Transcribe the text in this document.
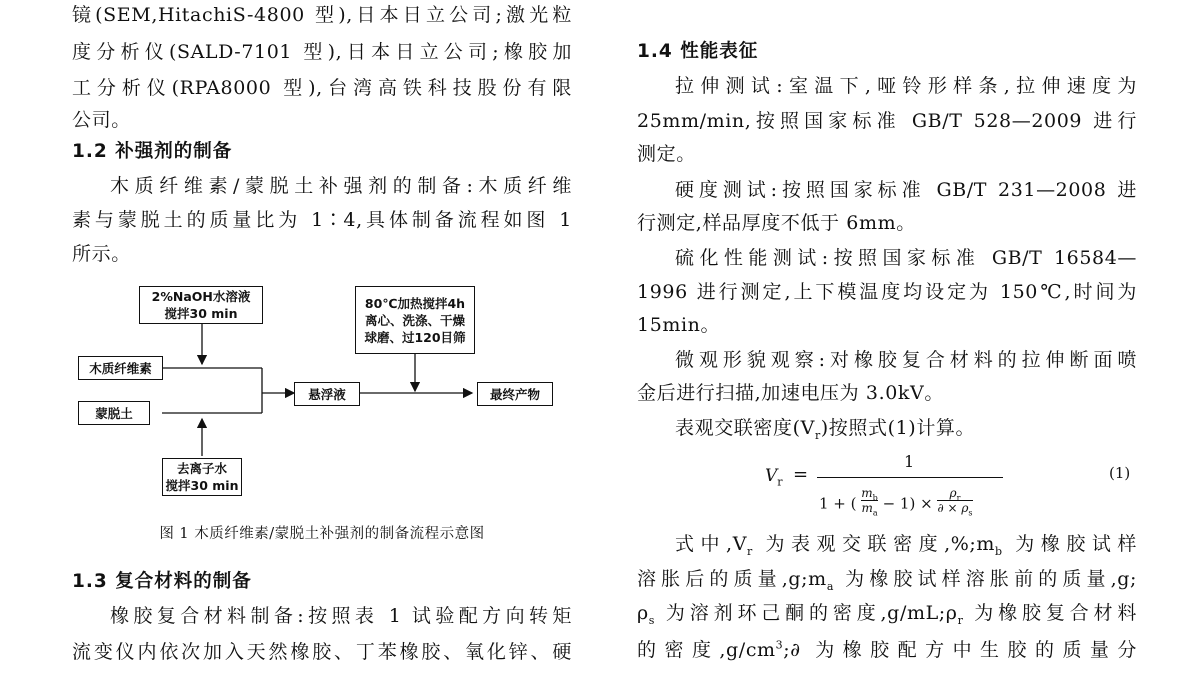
镜(SEM,HitachiS-4800 型),日本日立公司;激光粒
度分析仪(SALD-7101 型),日本日立公司;橡胶加
工分析仪(RPA8000 型),台湾高铁科技股份有限
公司。
1.2 补强剂的制备
木质纤维素/蒙脱土补强剂的制备:木质纤维
素与蒙脱土的质量比为 1∶4,具体制备流程如图 1
所示。
2%NaOH水溶液
搅拌30 min
80℃加热搅拌4h
离心、洗涤、干燥
球磨、过120目筛
木质纤维素
蒙脱土
悬浮液	最终产物
去离子水
搅拌30 min
图 1 木质纤维素/蒙脱土补强剂的制备流程示意图
1.3 复合材料的制备
橡胶复合材料制备:按照表 1 试验配方向转矩
流变仪内依次加入天然橡胶、丁苯橡胶、氧化锌、硬
1.4 性能表征
拉伸测试:室温下,哑铃形样条,拉伸速度为
25mm/min,按照国家标准 GB/T 528—2009 进行
测定。
硬度测试:按照国家标准 GB/T 231—2008 进
行测定,样品厚度不低于 6mm。
硫化性能测试:按照国家标准 GB/T 16584—
1996 进行测定,上下模温度均设定为 150℃,时间为
15min。
微观形貌观察:对橡胶复合材料的拉伸断面喷
金后进行扫描,加速电压为 3.0kV。
表观交联密度$(V_r)$按照式(1)计算。
$V_r$ =
1
1 + ( $\frac{m_b}{m_a} - 1) \times \frac{\rho_r}{\partial \times \rho_s}$
(1)
式中$,V_r$ 为表观交联密度$,\%;m_b$ 为橡胶试样
溶胀后的质量$,g;m_a$ 为橡胶试样溶胀前的质量,g;
$\rho_s$ 为溶剂环己酮的密度$,g/mL;\rho_r$ 为橡胶复合材料
的密度$,g/cm^3;\partial$ 为橡胶配方中生胶的质量分
